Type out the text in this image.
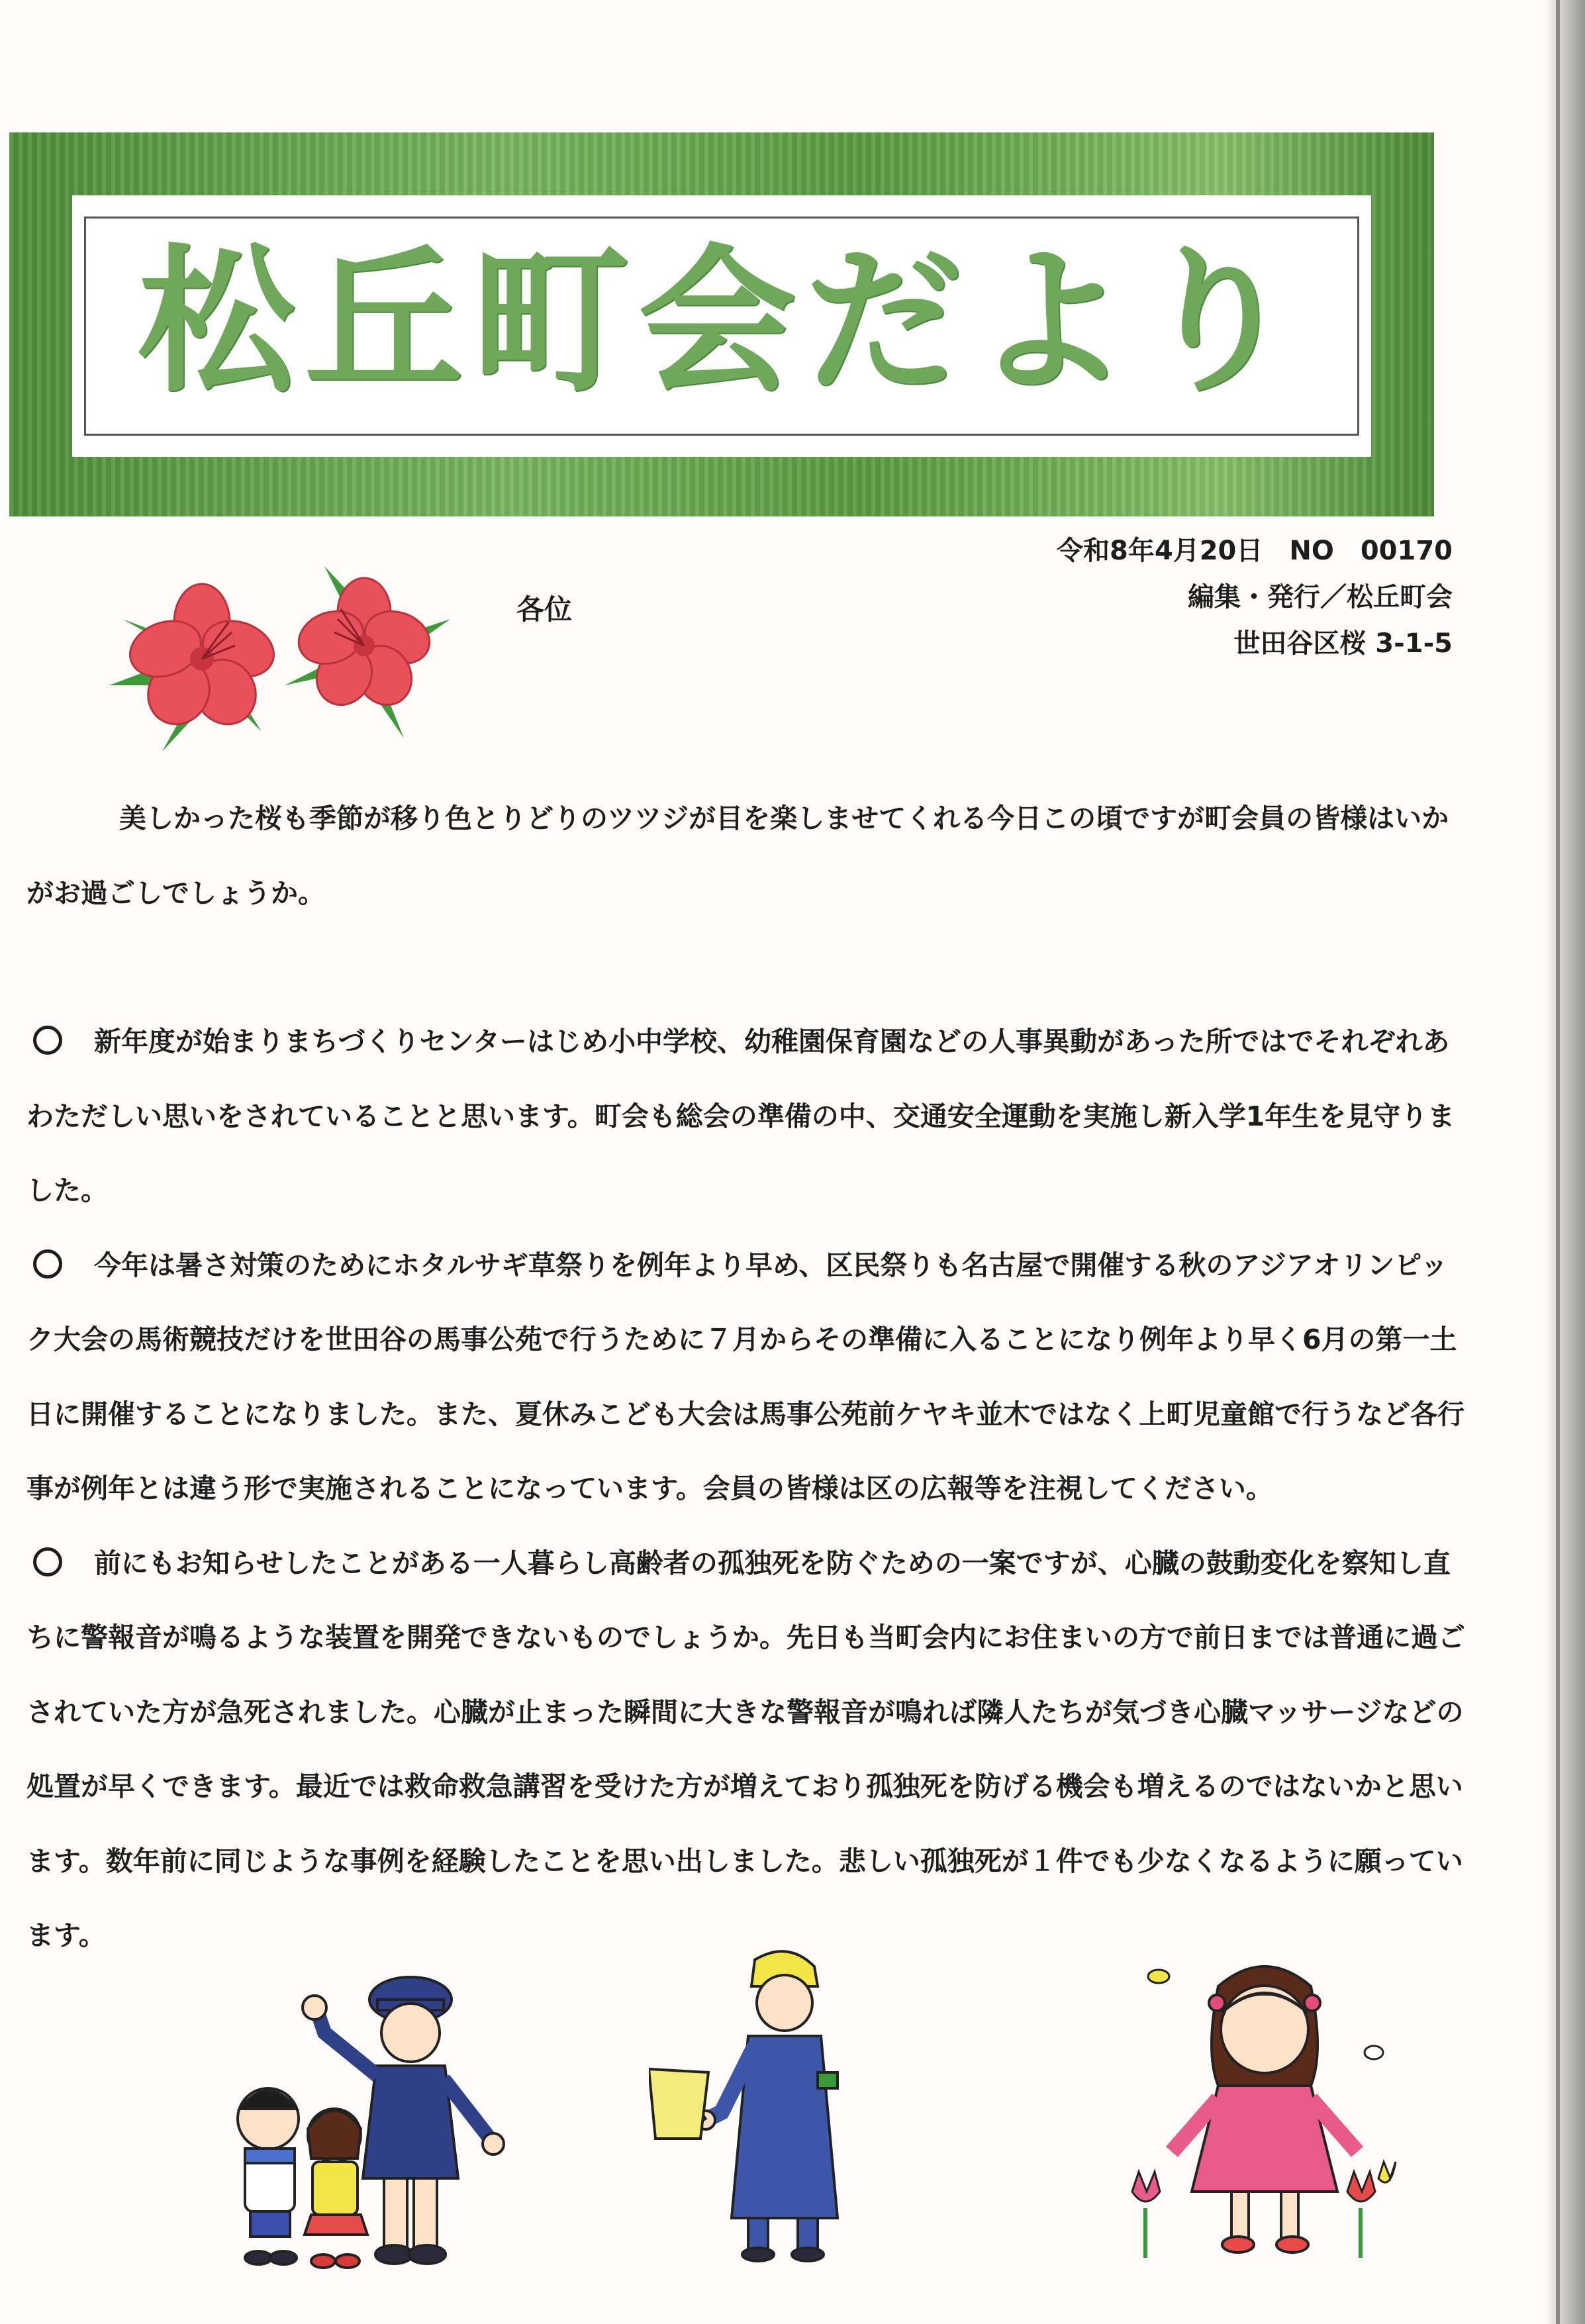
松丘町会だより
令和8年4月20日　NO　00170
編集・発行／松丘町会
世田谷区桜 3-1-5
各位

美しかった桜も季節が移り色とりどりのツツジが目を楽しませてくれる今日この頃ですが町会員の皆様はいかがお過ごしでしょうか。

新年度が始まりまちづくりセンターはじめ小中学校、幼稚園保育園などの人事異動があった所ではでそれぞれあわただしい思いをされていることと思います。町会も総会の準備の中、交通安全運動を実施し新入学1年生を見守りました。

今年は暑さ対策のためにホタルサギ草祭りを例年より早め、区民祭りも名古屋で開催する秋のアジアオリンピック大会の馬術競技だけを世田谷の馬事公苑で行うために７月からその準備に入ることになり例年より早く6月の第一土日に開催することになりました。また、夏休みこども大会は馬事公苑前ケヤキ並木ではなく上町児童館で行うなど各行事が例年とは違う形で実施されることになっています。会員の皆様は区の広報等を注視してください。

前にもお知らせしたことがある一人暮らし高齢者の孤独死を防ぐための一案ですが、心臓の鼓動変化を察知し直ちに警報音が鳴るような装置を開発できないものでしょうか。先日も当町会内にお住まいの方で前日までは普通に過ごされていた方が急死されました。心臓が止まった瞬間に大きな警報音が鳴れば隣人たちが気づき心臓マッサージなどの処置が早くできます。最近では救命救急講習を受けた方が増えており孤独死を防げる機会も増えるのではないかと思います。数年前に同じような事例を経験したことを思い出しました。悲しい孤独死が１件でも少なくなるように願っています。
